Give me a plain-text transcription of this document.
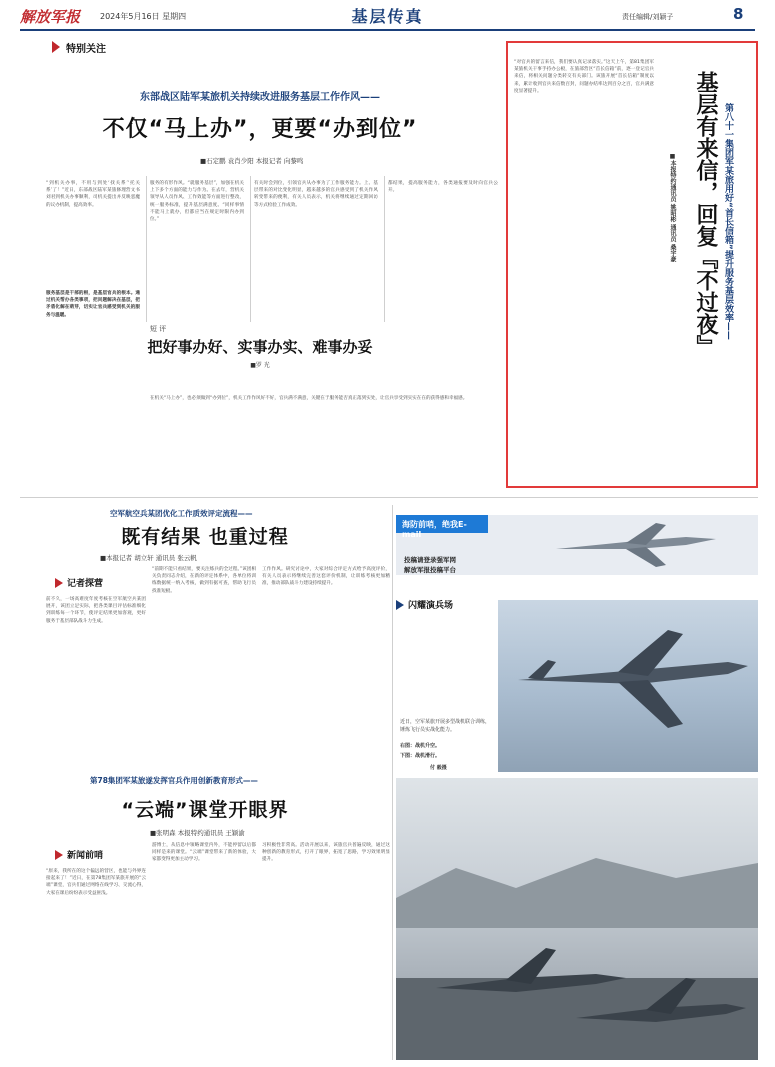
解放军报 2024年5月16日 星期四	基层传真	责任编辑/刘颖子	8
特别关注
东部战区陆军某旅机关持续改进服务基层工作作风——
不仅“马上办”，更要“办到位”
■石定鹏 袁肖少阳 本报记者 向黎鸣
“到机关办事，不用与到处‘找关系’‘托关系’了！”近日，东部战区陆军某旅修理营文书刘君到机关办事顺利，司机关提出并反映恶魔的议办机制，提高效率。
服务基层是干部的根，是基层官兵的根本。通过机关帮办各类事项，把问题解决在基层，把矛盾化解在萌芽，切实让官兵感受到机关的服务与温暖。
服务的有形作风。“就服务基层”，加强在机关上下多个方面的能力与作为。在去年，营机关领导从人员作风、工作效能等方面进行整改，统一服务标准，提升基层满意度。“同样事情不能马上就办，但都应当在规定时限内办到位。”
有关时会到位，引领官兵从办事为了工作服务能力。上、基层带来的对比变化明显，越来越多的官兵感受到了机关作风转变带来的便利，有关人员表示，机关将继续通过定期回访等方式检验工作成效。
都结果，提高服务能力，各类通报要及时向官兵公开。
短 评
把好事办好、实事办实、难事办妥
■罗 光
在机关“马上办”，也必须做到“办到位”，机关工作作风好不好，官兵满不满意，关键在于服务能否真正落到实处，让官兵享受到实实在在的获得感和幸福感。
“对官兵的留言来信，我们要认真记录落实。”这天上午，第81集团军某旅机关干事手持办公板，在旅部营区“首长信箱”前，逐一登记官兵来信，将相关问题分类转交有关部门。该旅开展“首长信箱”制度以来，累计收到官兵来信数百封，问题办结率达到百分之百，官兵满意度显著提升。	基层有来信，回复『不过夜』 第八十一集团军某旅用好“首长信箱”提升服务基层效率——
■本报特约通讯员 姚昭彬 通讯员 桑宇豪
空军航空兵某团优化工作质效评定流程——
既有结果 也重过程
■本报记者 胡立轩 通讯员 张云帆
记者探营
前不久，一场高难度年度考核在空军航空兵某团展开，该团立足实际，把各类课目评估标准细化到训练每一个环节，使评定结果更加客观，更好服务于基层部队战斗力生成。
“前期不能只看结果，要关注练兵的全过程。”该团相关负责同志介绍，在新的评定体系中，各单位将训练数据统一纳入考核，做到有据可查，帮助飞行员找准短板。
工作作风。研究讨论中，大家对综合评定方式给予高度评价，有关人员表示将继续完善这套评价机制，让训练考核更加精准，推动部队战斗力建设持续提升。
海防前哨，绝我E-mail
投稿请登录强军网
解放军报投稿平台
闪耀演兵场
近日，空军某旅开展多型战机联合训练，锤炼飞行员实战化能力。
右图：战机升空。
下图：战机滑行。
付 毅摄
第78集团军某旅遂发挥官兵作用创新教育形式——
“云端”课堂开眼界
■张明森 本报特约通讯员 王颖渝
新闻前哨
“原来，我所在的这个偏远的营区，也能与外界连接起来了！”近日，在第78集团军某旅开展的“云端”课堂，官兵们通过网络在线学习、交流心得，大家在课后纷纷表示受益匪浅。
游博士，从信息中领略课堂内外，不能停留以后都同样是来的课堂。“云端”课堂带来了新的体验，大家都变得更加主动学习。
习积极性非常高。活动开展以来，该旅官兵普遍反映，通过这种创新的教育形式，打开了眼界，拓宽了思路，学习效果明显提升。
